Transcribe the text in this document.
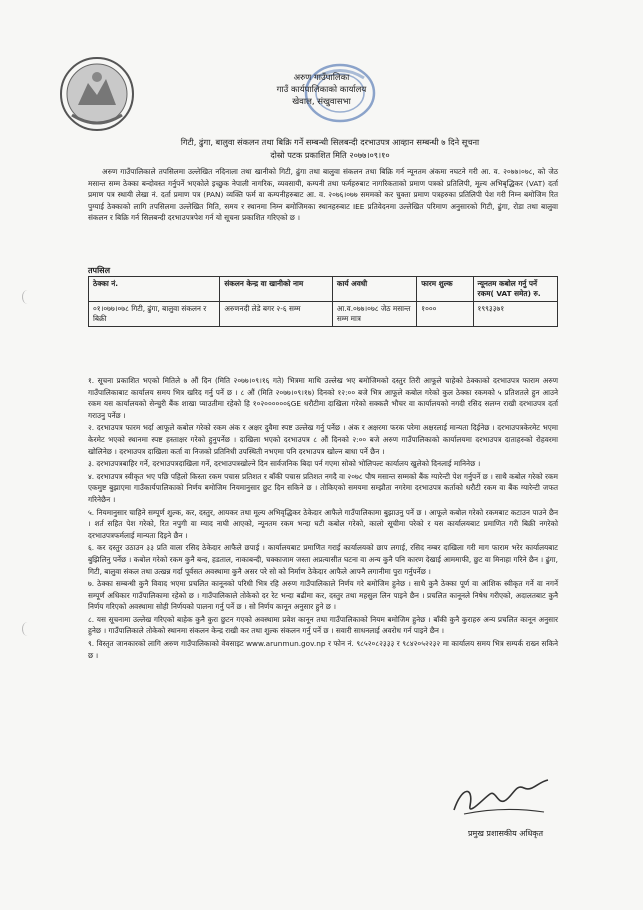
अरुण गाउँपालिका
गाउँ कार्यपालिकाको कार्यालय
खेवाल, संखुवासभा
गिटी, ढुंगा, बालुवा संकलन तथा बिक्रि गर्ने सम्बन्धी सिलबन्दी दरभाउपत्र आव्हान सम्बन्धी ७ दिने सूचना
दोस्रो पटक प्रकाशित मिति २०७७।०९।१०
अरुण गाउँपालिकाले तपसिलमा उल्लेखित नदिनाला तथा खानीको गिटी, ढुंगा तथा बालुवा संकलन तथा बिक्रि गर्न न्यूनतम अंकमा नघटने गरी आ. व. २०७७।०७८, को जेठ मसान्त सम्म ठेक्का बन्दोवस्त गर्नुपर्ने भएकोले इच्छुक नेपाली नागरिक, व्यवसायी, कम्पनी तथा फर्महरुबाट नागरिकताको प्रमाण पत्रको प्रतिलिपी, मूल्य अभिबृद्धिकर (VAT) दर्ता प्रमाण पत्र स्थायी लेखा नं. दर्ता प्रमाण पत्र (PAN) व्यक्ति फर्म वा कम्पनीहरुबाट आ. व. २०७६।०७७ सममको कर चुक्ता प्रमाण पत्रहरुका प्रतिलिपी पेश गरी निम्न बमोजिम रित पुग्याई ठेक्काको लागि तपसिलमा उल्लेखित मिति, समय र स्थानमा निम्न बमोजिमका स्थानहरुबाट IEE प्रतिवेदनमा उल्लेखित परिमाण अनुसारको गिटी, ढुंगा, रोडा तथा बालुवा संकलन र बिक्रि गर्न सिलबन्दी दरभाउपत्रपेश गर्न यो सूचना प्रकाशित गरिएको छ ।
तपसिल
ठेक्का नं.	संकलन केन्द्र वा खानीको नाम	कार्य अवधी	फारम शुल्क	न्यूनतम कबोल गर्नु पर्ने रकम( VAT समेत) रु.
०१।०७७।०७८ गिटी, ढुंगा, बालुवा संकलन र बिक्री	अरुणनदी लेडे बगर २-६ सम्म	आ.व.०७७।०७८ जेठ मसान्त सम्म मात्र	१०००	१९९३३७१

१. सूचना प्रकाशित भएको मितिले ७ औं दिन (मिति २०७७।०९।१६ गते) भित्रमा माथि उल्लेख भए बमोजिमको दस्तुर तिरी आफूले चाहेको ठेक्काको दरभाउपत्र फाराम अरुण गाउँपालिकाबाट कार्यालय समय भित्र खरिद गर्नु पर्ने छ । ८ औं (मिति २०७७।०९।१७) दिनको १२:०० बजे भित्र आफूले कबोल गरेको कुल ठेक्का रकमको ५ प्रतिशतले हुन आउने रकम यस कार्यालयको सेन्चुरी बैंक शाखा प्याउतीमा रहेको हि १०२००००००६GE धरौटीमा दाखिला गरेको सक्कलै भौचर वा कार्यालयको नगदी रसिद सलग्न राखी दरभाउपत्र दर्ता गराउनु पर्नेछ ।

२. दरभाउपत्र फारम भर्दा आफूले कबोल गरेको रकम अंक र अक्षर दुवैमा स्पष्ट उल्लेख गर्नु पर्नेछ । अंक र अक्षरमा फरक परेमा अक्षरलाई मान्यता दिईनेछ । दरभाउपत्रकेरमेट भएमा केरमेट भएको स्थानमा स्पष्ट हस्ताक्षर गरेको हुनुपर्नेछ । दाखिला भएको दरभाउपत्र ८ औं दिनको २:०० बजे अरुण गाउँपालिकाको कार्यालयमा दरभाउपत्र दाताहरुको रोहवरमा खोलिनेछ । दरभाउपत्र दाखिला कर्ता वा निजको प्रतिनिधी उपस्थिती नभएमा पनि दरभाउपत्र खोल्न बाधा पर्ने छैन ।

३. दरभाउपत्रबाहिर गर्ने, दरभाउपत्रदाखिला गर्ने, दरभाउपत्रखोल्ने दिन सार्वजनिक बिदा पर्न गएमा सोको भोलिपल्ट कार्यालय खुलेको दिनलाई मानिनेछ ।

४. दरभाउपत्र स्वीकृत भए पछि पहिलो किस्ता रकम पचास प्रतिशत र बाँकी पचास प्रतिशत नगदै वा २०७८ पौष मसान्त सम्मको बैंक ग्यारेन्टी पेश गर्नुपर्ने छ । साथै कबोल गरेको रकम एकमुष्ट बुझाएमा गाउँकार्यपालिकाको निर्णय बमोजिम नियमानुसार छुट दिन सकिने छ । तोकिएको समयमा सम्झौता नगरेमा दरभाउपत्र कर्ताको धरौटी रकम वा बैंक ग्यारेन्टी जफत गरिनेछैन ।

५. नियमानुसार चाहिने सम्पूर्ण शुल्क, कर, दस्तुर, आयकर तथा मूल्य अभिवृद्धिकर ठेकेदार आफैले गाउँपालिकामा बुझाउनु पर्ने छ । आफूले कबोल गरेको रकमबाट कटाउन पाउने छैन । शर्त सहित पेश गरेको, रित नपुगी वा म्याद नाघी आएको, न्यूनतम रकम भन्दा घटी कबोल गरेको, कालो सूचीमा परेको र यस कार्यालयबाट प्रमाणित गरी बिक्री नगरेको दरभाउपत्रफर्मलाई मान्यता दिइने छैन ।

६. कर दस्तुर उठाउन ३३ प्रति वाला रसिद ठेकेदार आफैले छपाई । कार्यालयबाट प्रमाणित गराई कार्यालयको छाप लगाई, रसिद नम्बर दाखिला गरी माग फाराम भरेर कार्यालयबाट बुझिलिनु पर्नेछ । कबोल गरेको रकम कुनै बन्द, हडताल, नाकाबन्दी, चक्काजाम जस्ता अप्रत्यासीत घटना वा अन्य कुनै पनि कारण देखाई आममाफी, छुट वा मिनाहा गरिने छैन । ढुंगा, गिटी, बालुवा संकल तथा उत्खन्न गर्दा पूर्वसत अवस्थामा कुनै असर परे सो को निर्माण ठेकेदार आफैले आफ्नै लगानीमा पुरा गर्नुपर्नेछ ।

७. ठेक्का सम्बन्धी कुनै विवाद भएमा प्रचलित कानूनको परिधी भित्र रहि अरुण गाउँपालिकाले निर्णय गरे बमोजिम हुनेछ । साथै कुनै ठेक्का पूर्ण वा आंशिक स्वीकृत गर्ने वा नगर्ने सम्पूर्ण अधिकार गाउँपालिकामा रहेको छ । गाउँपालिकाले तोकेको दर रेट भन्दा बढीमा कर, दस्तुर तथा महसुल लिन पाइने छैन । प्रचलित कानूनले निषेध गरीएको, अदालतबाट कुनै निर्णय गरिएको अवस्थामा सोही निर्णयको पालना गर्नु पर्ने छ । सो निर्णय कानून अनुसार हुने छ ।

८. यस सूचनामा उल्लेख गरिएको बाहेक कुनै कुरा छुटन गएको अवस्थामा प्रवेश कानून तथा गाउँपालिकाको नियम बमोजिम हुनेछ । बाँकी कुनै कुराहरु अन्य प्रचलित कानून अनुसार हुनेछ । गाउँपालिकाले तोकेको स्थानमा संकलन केन्द्र राखी कर तथा शुल्क संकलन गर्नु पर्ने छ । सवारी साधनलाई अवरोध गर्न पाइने छैन ।

९. विस्तृत जानकारको लागि अरुण गाउँपालिकाको वेवसाइट www.arunmun.gov.np र फोन नं. ९८५२०८२३३३ र ९८४२०५२२३२ मा कार्यालय समय भित्र सम्पर्क राख्न सकिने छ ।

प्रमुख प्रशासकीय अधिकृत
